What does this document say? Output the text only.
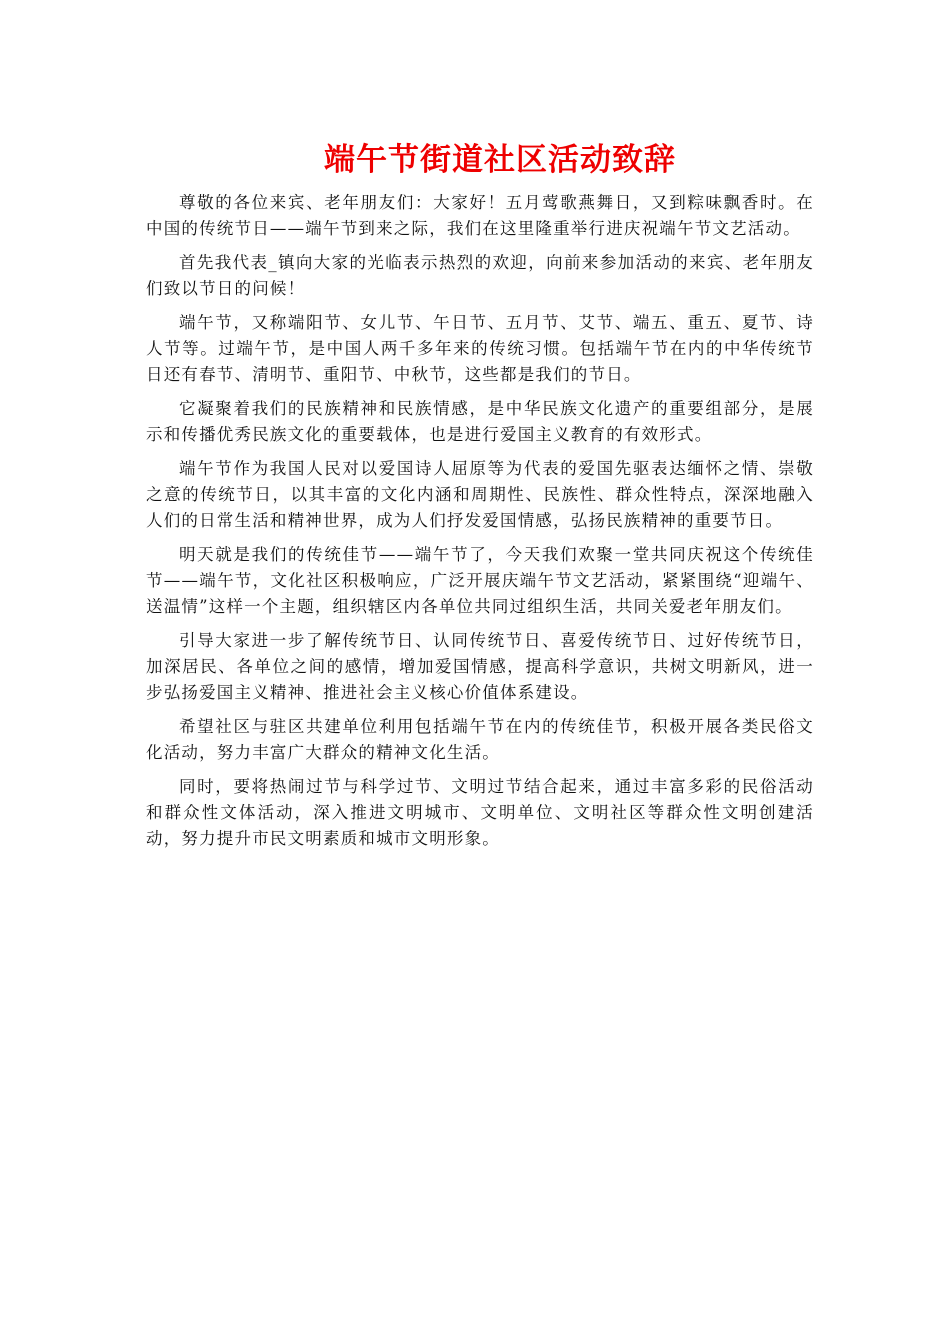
端午节街道社区活动致辞

尊敬的各位来宾、老年朋友们：大家好！五月莺歌燕舞日，又到粽味飘香时。在中国的传统节日——端午节到来之际，我们在这里隆重举行进庆祝端午节文艺活动。

首先我代表_镇向大家的光临表示热烈的欢迎，向前来参加活动的来宾、老年朋友们致以节日的问候！

端午节，又称端阳节、女儿节、午日节、五月节、艾节、端五、重五、夏节、诗人节等。过端午节，是中国人两千多年来的传统习惯。包括端午节在内的中华传统节日还有春节、清明节、重阳节、中秋节，这些都是我们的节日。

它凝聚着我们的民族精神和民族情感，是中华民族文化遗产的重要组部分，是展示和传播优秀民族文化的重要载体，也是进行爱国主义教育的有效形式。

端午节作为我国人民对以爱国诗人屈原等为代表的爱国先驱表达缅怀之情、崇敬之意的传统节日，以其丰富的文化内涵和周期性、民族性、群众性特点，深深地融入人们的日常生活和精神世界，成为人们抒发爱国情感，弘扬民族精神的重要节日。

明天就是我们的传统佳节——端午节了，今天我们欢聚一堂共同庆祝这个传统佳节——端午节，文化社区积极响应，广泛开展庆端午节文艺活动，紧紧围绕“迎端午、送温情”这样一个主题，组织辖区内各单位共同过组织生活，共同关爱老年朋友们。

引导大家进一步了解传统节日、认同传统节日、喜爱传统节日、过好传统节日，加深居民、各单位之间的感情，增加爱国情感，提高科学意识，共树文明新风，进一步弘扬爱国主义精神、推进社会主义核心价值体系建设。

希望社区与驻区共建单位利用包括端午节在内的传统佳节，积极开展各类民俗文化活动，努力丰富广大群众的精神文化生活。

同时，要将热闹过节与科学过节、文明过节结合起来，通过丰富多彩的民俗活动和群众性文体活动，深入推进文明城市、文明单位、文明社区等群众性文明创建活动，努力提升市民文明素质和城市文明形象。
